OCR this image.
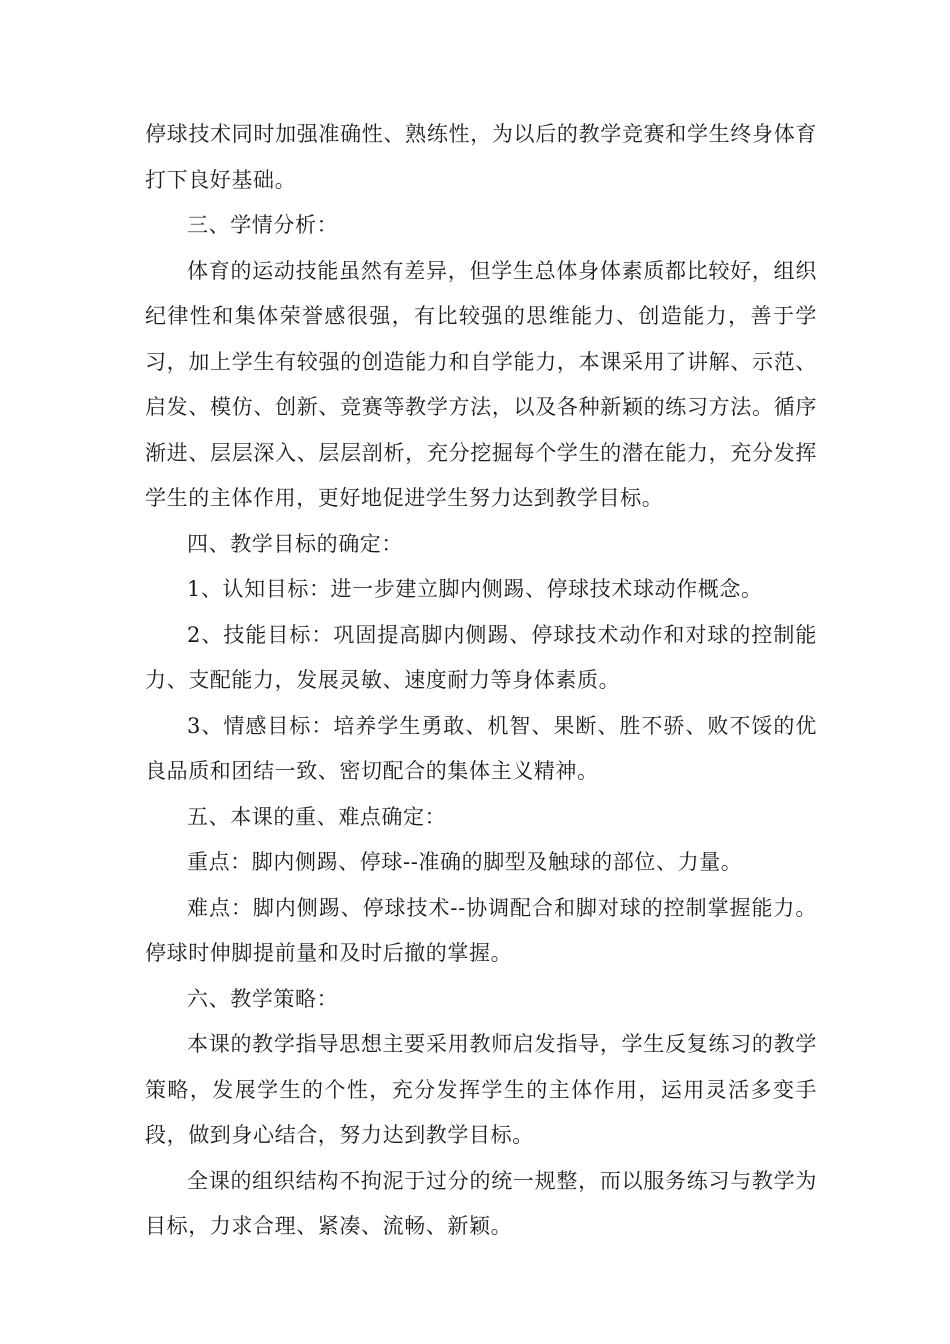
停球技术同时加强准确性、熟练性，为以后的教学竞赛和学生终身体育打下良好基础。

三、学情分析：

体育的运动技能虽然有差异，但学生总体身体素质都比较好，组织纪律性和集体荣誉感很强，有比较强的思维能力、创造能力，善于学习，加上学生有较强的创造能力和自学能力，本课采用了讲解、示范、启发、模仿、创新、竞赛等教学方法，以及各种新颖的练习方法。循序渐进、层层深入、层层剖析，充分挖掘每个学生的潜在能力，充分发挥学生的主体作用，更好地促进学生努力达到教学目标。

四、教学目标的确定：

1、认知目标：进一步建立脚内侧踢、停球技术球动作概念。

2、技能目标：巩固提高脚内侧踢、停球技术动作和对球的控制能力、支配能力，发展灵敏、速度耐力等身体素质。

3、情感目标：培养学生勇敢、机智、果断、胜不骄、败不馁的优良品质和团结一致、密切配合的集体主义精神。

五、本课的重、难点确定：

重点：脚内侧踢、停球--准确的脚型及触球的部位、力量。

难点：脚内侧踢、停球技术--协调配合和脚对球的控制掌握能力。停球时伸脚提前量和及时后撤的掌握。

六、教学策略：

本课的教学指导思想主要采用教师启发指导，学生反复练习的教学策略，发展学生的个性，充分发挥学生的主体作用，运用灵活多变手段，做到身心结合，努力达到教学目标。

全课的组织结构不拘泥于过分的统一规整，而以服务练习与教学为目标，力求合理、紧凑、流畅、新颖。
